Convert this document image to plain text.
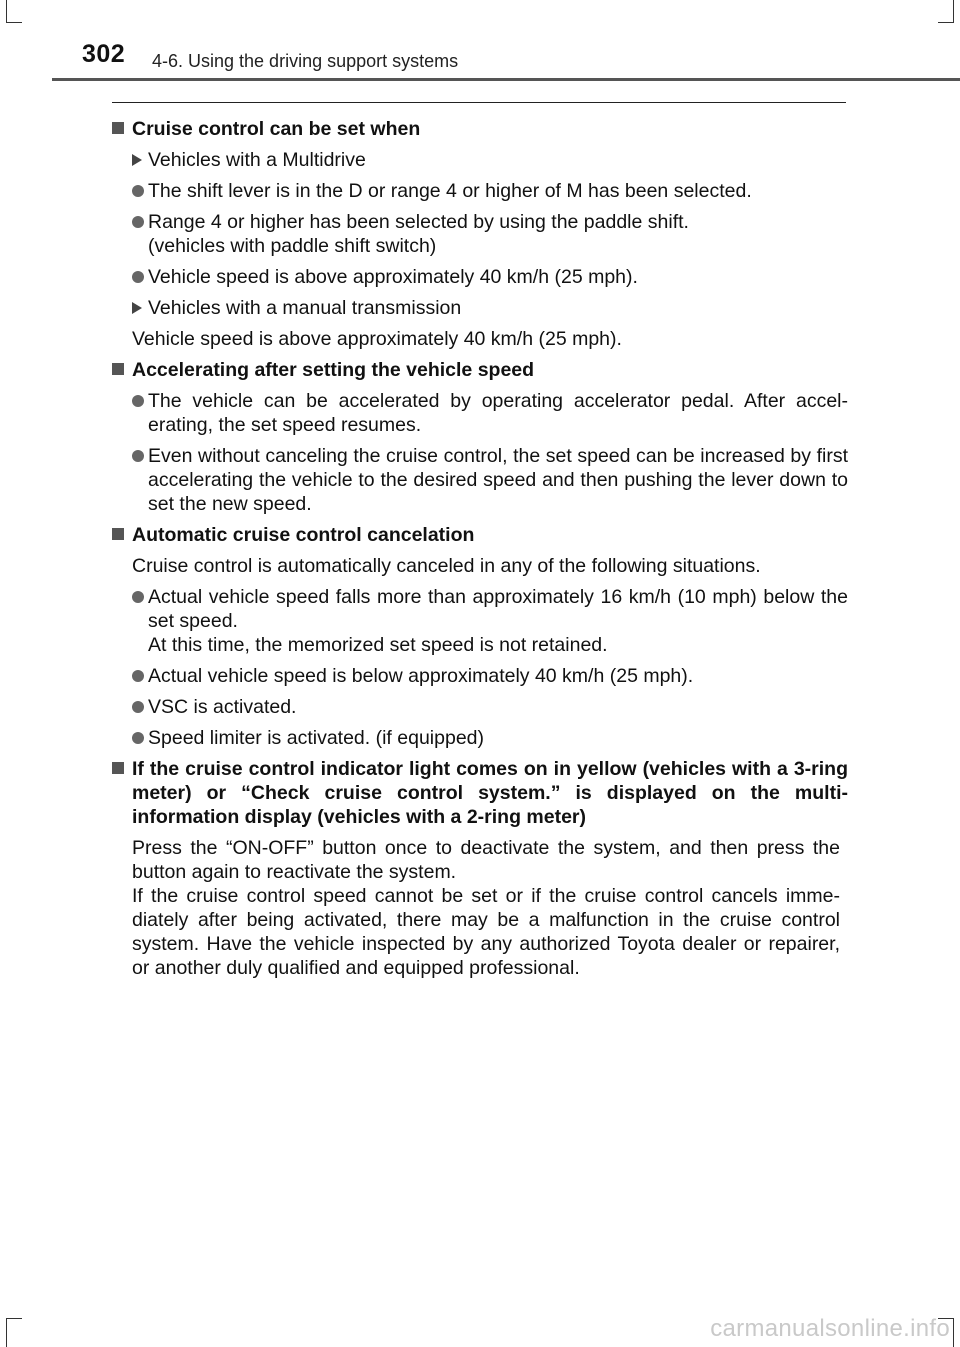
302 4-6. Using the driving support systems
Cruise control can be set when
Vehicles with a Multidrive
The shift lever is in the D or range 4 or higher of M has been selected.
Range 4 or higher has been selected by using the paddle shift.
(vehicles with paddle shift switch)
Vehicle speed is above approximately 40 km/h (25 mph).
Vehicles with a manual transmission
Vehicle speed is above approximately 40 km/h (25 mph).
Accelerating after setting the vehicle speed
The vehicle can be accelerated by operating accelerator pedal. After accel- erating, the set speed resumes.
Even without canceling the cruise control, the set speed can be increased by first accelerating the vehicle to the desired speed and then pushing the lever down to set the new speed.
Automatic cruise control cancelation
Cruise control is automatically canceled in any of the following situations.
Actual vehicle speed falls more than approximately 16 km/h (10 mph) below the set speed.
At this time, the memorized set speed is not retained.
Actual vehicle speed is below approximately 40 km/h (25 mph).
VSC is activated.
Speed limiter is activated. (if equipped)
If the cruise control indicator light comes on in yellow (vehicles with a 3-ring meter) or “Check cruise control system.” is displayed on the multi-information display (vehicles with a 2-ring meter)

Press the “ON-OFF” button once to deactivate the system, and then press the button again to reactivate the system.

If the cruise control speed cannot be set or if the cruise control cancels imme- diately after being activated, there may be a malfunction in the cruise control system. Have the vehicle inspected by any authorized Toyota dealer or repairer, or another duly qualified and equipped professional.

carmanualsonline.info
